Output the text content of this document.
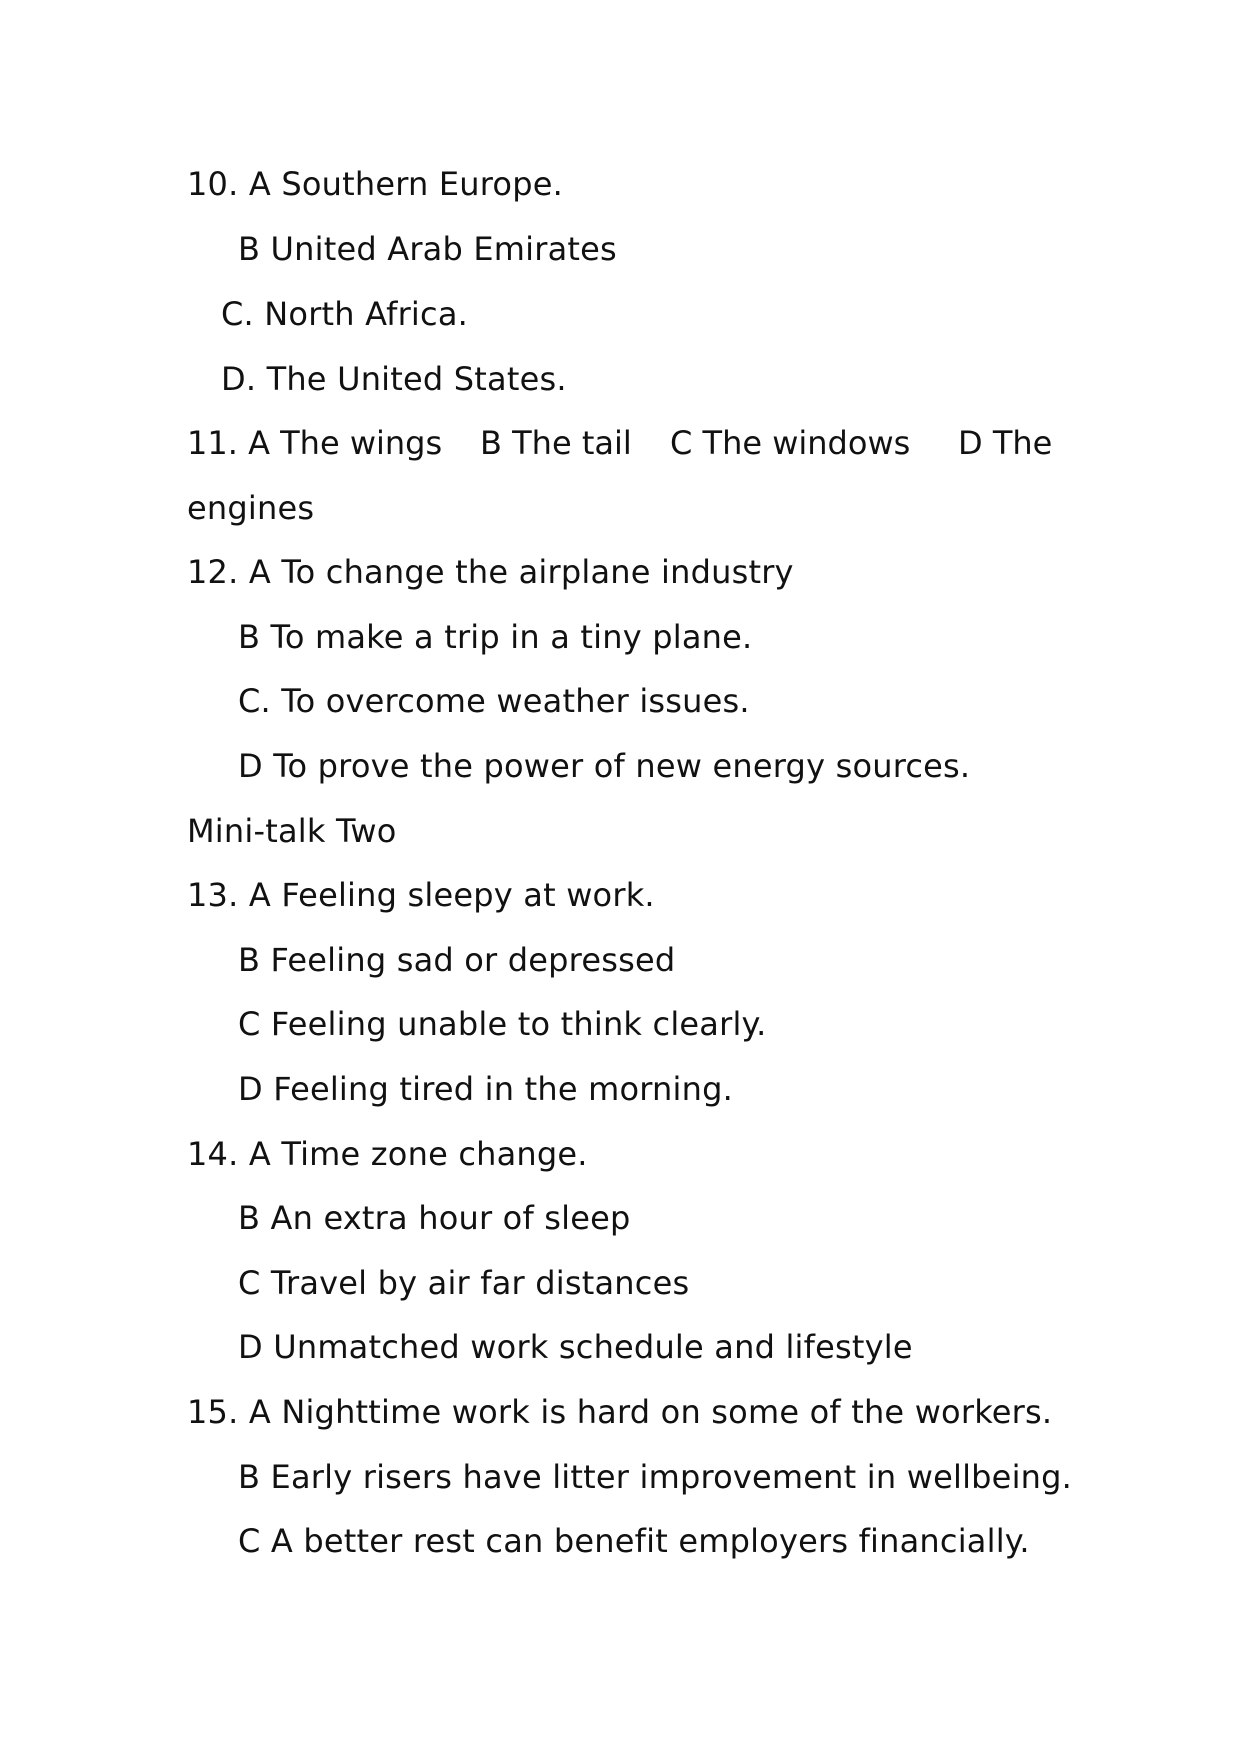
10. A Southern Europe.
B United Arab Emirates
C. North Africa.
D. The United States.
11. A The wings B The tail C The windows D The
engines
12. A To change the airplane industry
B To make a trip in a tiny plane.
C. To overcome weather issues.
D To prove the power of new energy sources.
Mini-talk Two
13. A Feeling sleepy at work.
B Feeling sad or depressed
C Feeling unable to think clearly.
D Feeling tired in the morning.
14. A Time zone change.
B An extra hour of sleep
C Travel by air far distances
D Unmatched work schedule and lifestyle
15. A Nighttime work is hard on some of the workers.
B Early risers have litter improvement in wellbeing.
C A better rest can benefit employers financially.
